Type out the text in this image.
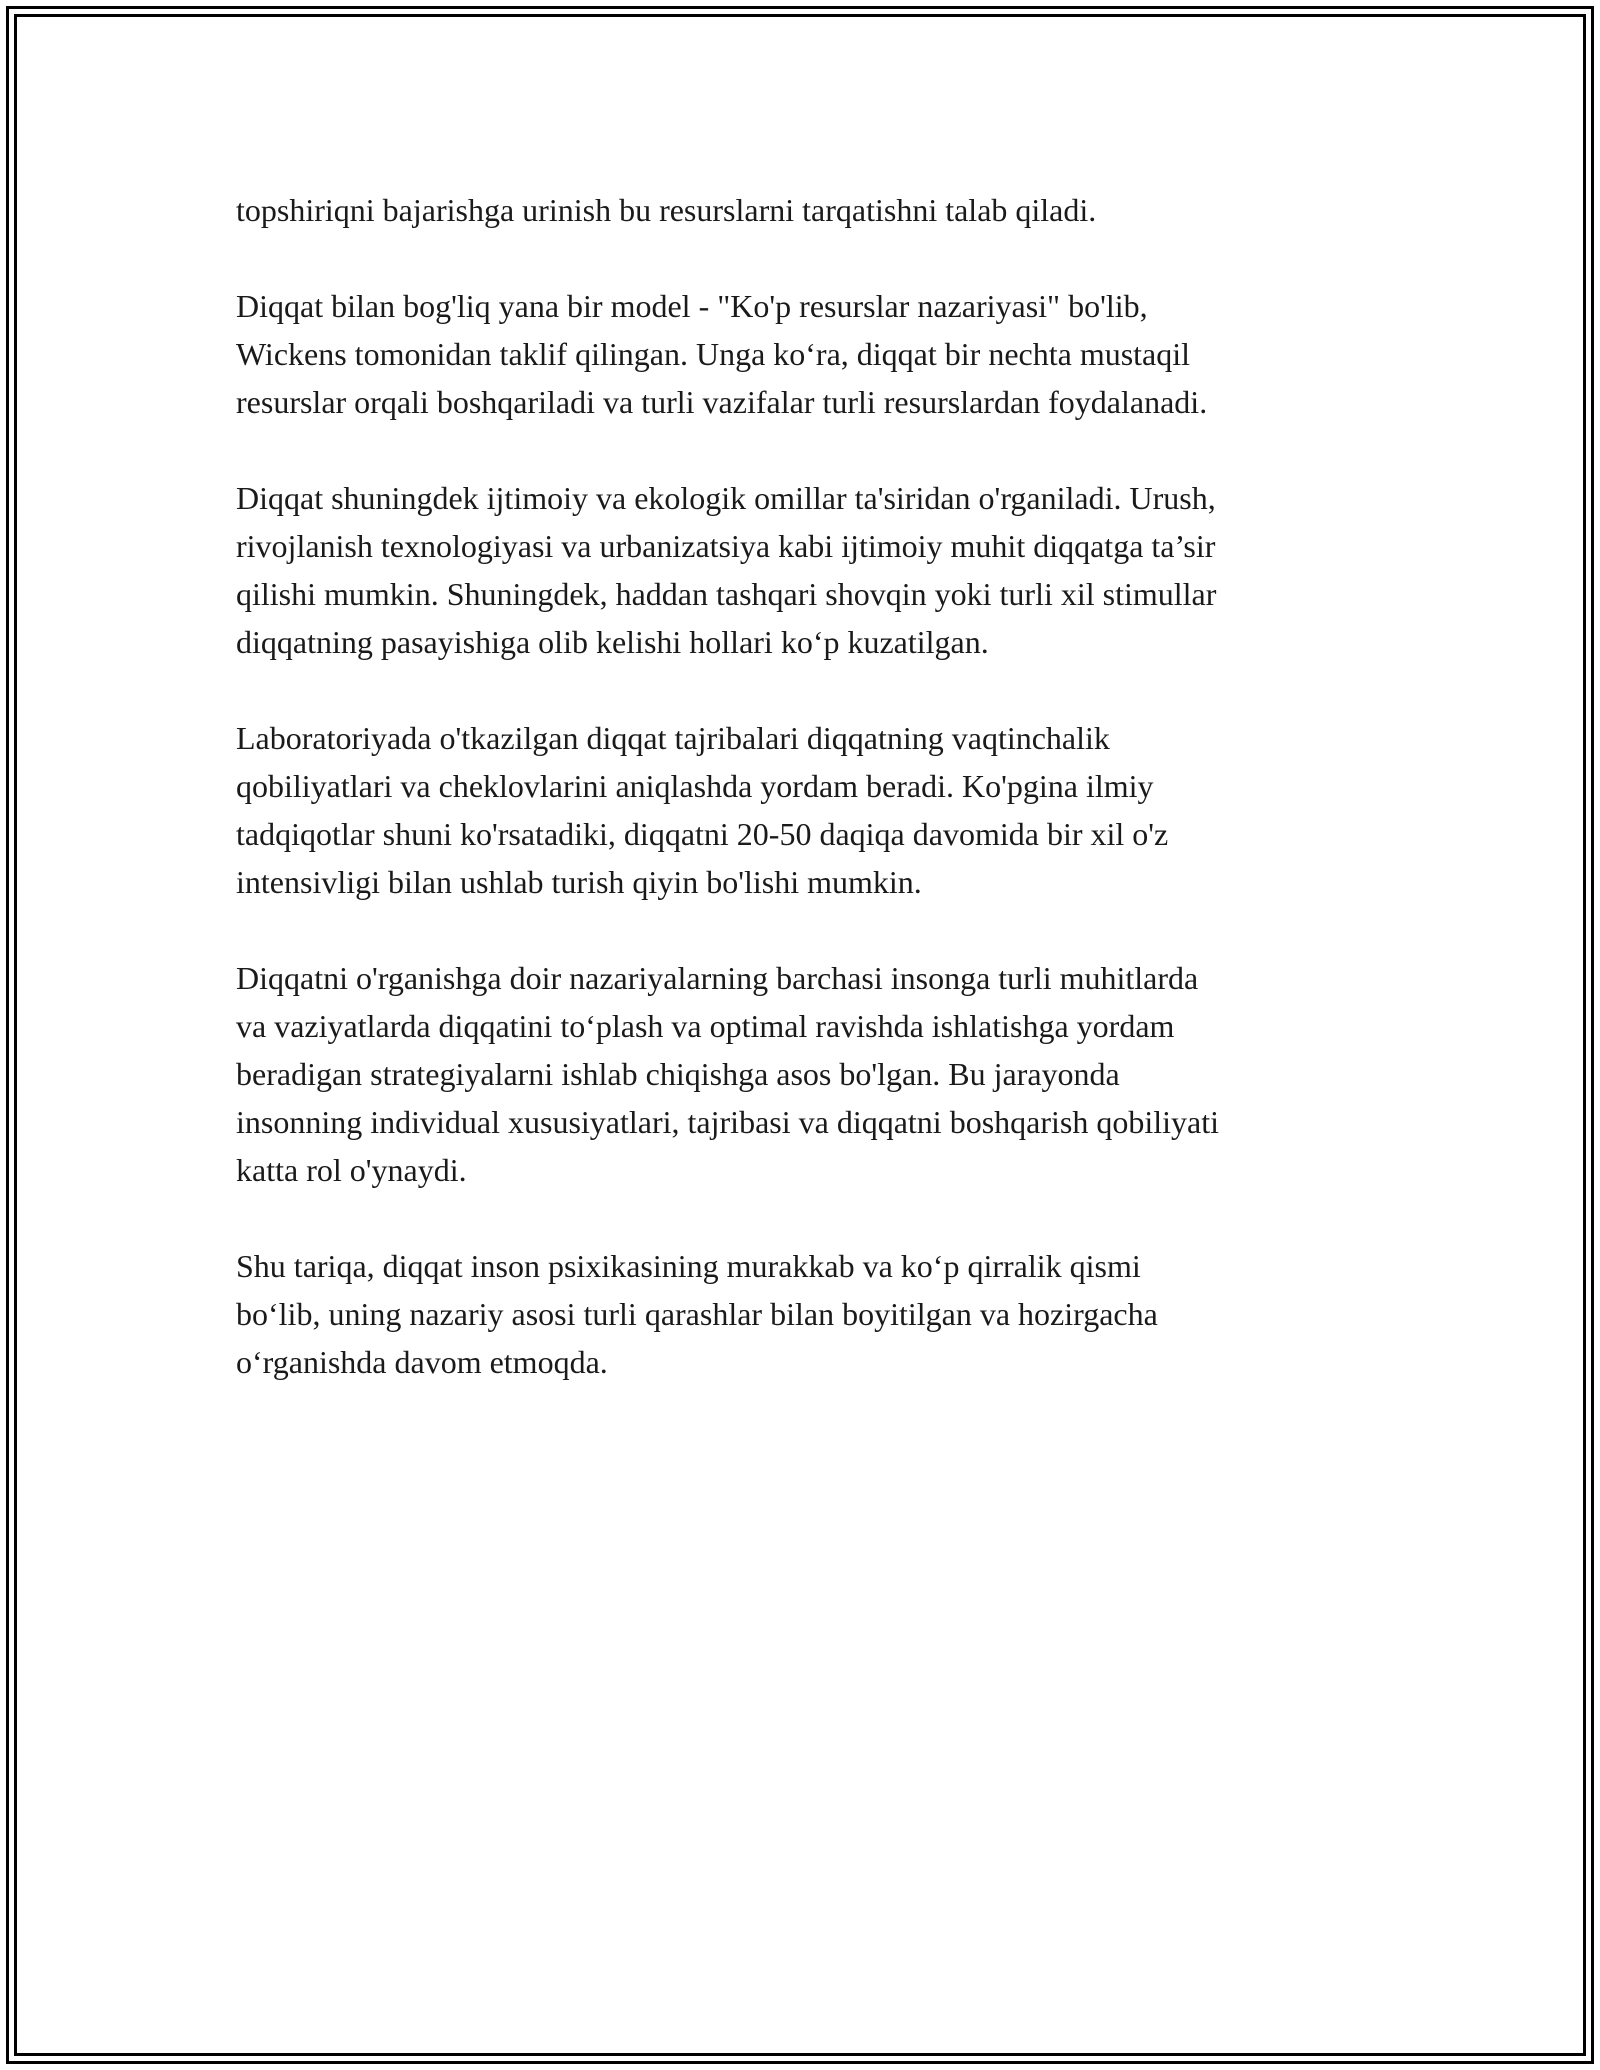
topshiriqni bajarishga urinish bu resurslarni tarqatishni talab qiladi.

Diqqat bilan bog'liq yana bir model - "Ko'p resurslar nazariyasi" bo'lib,
Wickens tomonidan taklif qilingan. Unga ko‘ra, diqqat bir nechta mustaqil
resurslar orqali boshqariladi va turli vazifalar turli resurslardan foydalanadi.

Diqqat shuningdek ijtimoiy va ekologik omillar ta'siridan o'rganiladi. Urush,
rivojlanish texnologiyasi va urbanizatsiya kabi ijtimoiy muhit diqqatga ta’sir
qilishi mumkin. Shuningdek, haddan tashqari shovqin yoki turli xil stimullar
diqqatning pasayishiga olib kelishi hollari ko‘p kuzatilgan.

Laboratoriyada o'tkazilgan diqqat tajribalari diqqatning vaqtinchalik
qobiliyatlari va cheklovlarini aniqlashda yordam beradi. Ko'pgina ilmiy
tadqiqotlar shuni ko'rsatadiki, diqqatni 20-50 daqiqa davomida bir xil o'z
intensivligi bilan ushlab turish qiyin bo'lishi mumkin.

Diqqatni o'rganishga doir nazariyalarning barchasi insonga turli muhitlarda
va vaziyatlarda diqqatini to‘plash va optimal ravishda ishlatishga yordam
beradigan strategiyalarni ishlab chiqishga asos bo'lgan. Bu jarayonda
insonning individual xususiyatlari, tajribasi va diqqatni boshqarish qobiliyati
katta rol o'ynaydi.

Shu tariqa, diqqat inson psixikasining murakkab va ko‘p qirralik qismi
bo‘lib, uning nazariy asosi turli qarashlar bilan boyitilgan va hozirgacha
o‘rganishda davom etmoqda.
